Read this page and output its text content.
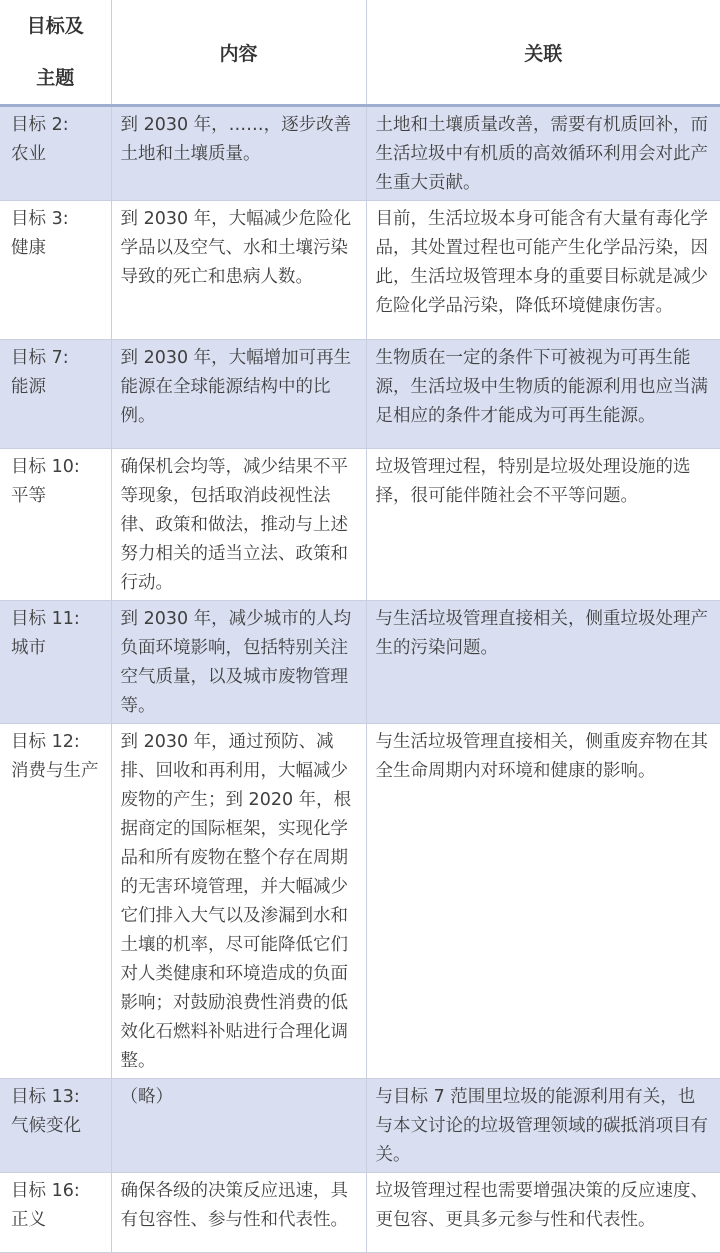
目标及
主题	内容	关联

目标 2:
农业	到 2030 年，……，逐步改善土地和土壤质量。	土地和土壤质量改善，需要有机质回补，而生活垃圾中有机质的高效循环利用会对此产生重大贡献。

目标 3:
健康	到 2030 年，大幅减少危险化学品以及空气、水和土壤污染导致的死亡和患病人数。	目前，生活垃圾本身可能含有大量有毒化学品，其处置过程也可能产生化学品污染，因此，生活垃圾管理本身的重要目标就是减少危险化学品污染，降低环境健康伤害。

目标 7:
能源	到 2030 年，大幅增加可再生能源在全球能源结构中的比例。	生物质在一定的条件下可被视为可再生能源，生活垃圾中生物质的能源利用也应当满足相应的条件才能成为可再生能源。

目标 10:
平等	确保机会均等，减少结果不平等现象，包括取消歧视性法律、政策和做法，推动与上述努力相关的适当立法、政策和行动。	垃圾管理过程，特别是垃圾处理设施的选择，很可能伴随社会不平等问题。

目标 11:
城市	到 2030 年，减少城市的人均负面环境影响，包括特别关注空气质量，以及城市废物管理等。	与生活垃圾管理直接相关，侧重垃圾处理产生的污染问题。

目标 12:
消费与生产	到 2030 年，通过预防、减排、回收和再利用，大幅减少废物的产生；到 2020 年，根据商定的国际框架，实现化学品和所有废物在整个存在周期的无害环境管理，并大幅减少它们排入大气以及渗漏到水和土壤的机率，尽可能降低它们对人类健康和环境造成的负面影响；对鼓励浪费性消费的低效化石燃料补贴进行合理化调整。	与生活垃圾管理直接相关，侧重废弃物在其全生命周期内对环境和健康的影响。

目标 13:
气候变化	（略）	与目标 7 范围里垃圾的能源利用有关，也与本文讨论的垃圾管理领域的碳抵消项目有关。

目标 16:
正义	确保各级的决策反应迅速，具有包容性、参与性和代表性。	垃圾管理过程也需要增强决策的反应速度、更包容、更具多元参与性和代表性。
